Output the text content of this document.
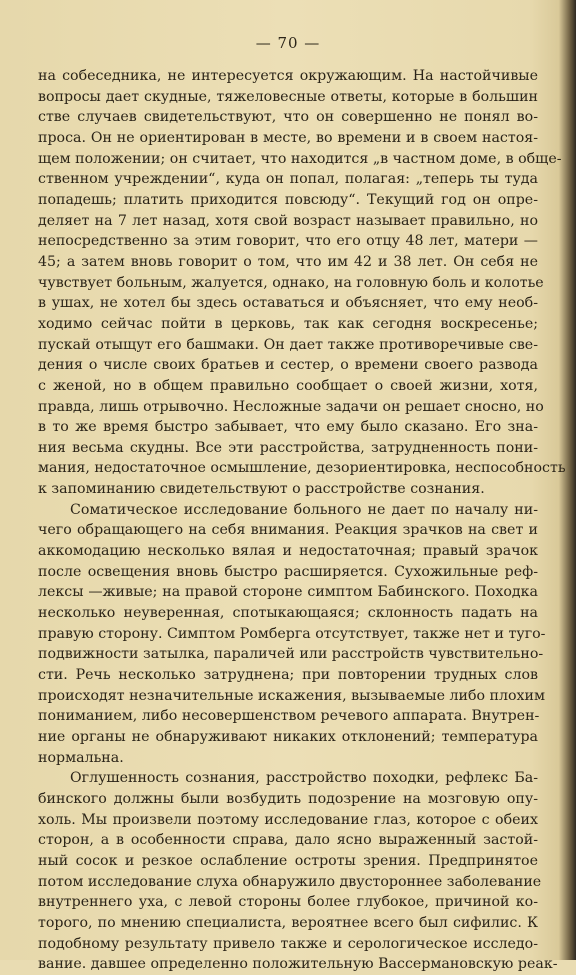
— 70 —

на собеседника, не интересуется окружающим. На настойчивые
вопросы дает скудные, тяжеловесные ответы, которые в большин
стве случаев свидетельствуют, что он совершенно не понял во-
проса. Он не ориентирован в месте, во времени и в своем настоя-
щем положении; он считает, что находится „в частном доме, в обще-
ственном учреждении“, куда он попал, полагая: „теперь ты туда
попадешь; платить приходится повсюду“. Текущий год он опре-
деляет на 7 лет назад, хотя свой возраст называет правильно, но
непосредственно за этим говорит, что его отцу 48 лет, матери —
45; а затем вновь говорит о том, что им 42 и 38 лет. Он себя не
чувствует больным, жалуется, однако, на головную боль и колотье
в ушах, не хотел бы здесь оставаться и объясняет, что ему необ-
ходимо сейчас пойти в церковь, так как сегодня воскресенье;
пускай отыщут его башмаки. Он дает также противоречивые све-
дения о числе своих братьев и сестер, о времени своего развода
с женой, но в общем правильно сообщает о своей жизни, хотя,
правда, лишь отрывочно. Несложные задачи он решает сносно, но
в то же время быстро забывает, что ему было сказано. Его зна-
ния весьма скудны. Все эти расстройства, затрудненность пони-
мания, недостаточное осмышление, дезориентировка, неспособность
к запоминанию свидетельствуют о расстройстве сознания.

Соматическое исследование больного не дает по началу ни-
чего обращающего на себя внимания. Реакция зрачков на свет и
аккомодацию несколько вялая и недостаточная; правый зрачок
после освещения вновь быстро расширяется. Сухожильные реф-
лексы —живые; на правой стороне симптом Бабинского. Походка
несколько неуверенная, спотыкающаяся; склонность падать на
правую сторону. Симптом Ромберга отсутствует, также нет и туго-
подвижности затылка, параличей или расстройств чувствительно-
сти. Речь несколько затруднена; при повторении трудных слов
происходят незначительные искажения, вызываемые либо плохим
пониманием, либо несовершенством речевого аппарата. Внутрен-
ние органы не обнаруживают никаких отклонений; температура
нормальна.

Оглушенность сознания, расстройство походки, рефлекс Ба-
бинского должны были возбудить подозрение на мозговую опу-
холь. Мы произвели поэтому исследование глаз, которое с обеих
сторон, а в особенности справа, дало ясно выраженный застой-
ный сосок и резкое ослабление остроты зрения. Предпринятое
потом исследование слуха обнаружило двустороннее заболевание
внутреннего уха, с левой стороны более глубокое, причиной ко-
торого, по мнению специалиста, вероятнее всего был сифилис. К
подобному результату привело также и серологическое исследо-
вание. давшее определенно положительную Вассермановскую реак-
